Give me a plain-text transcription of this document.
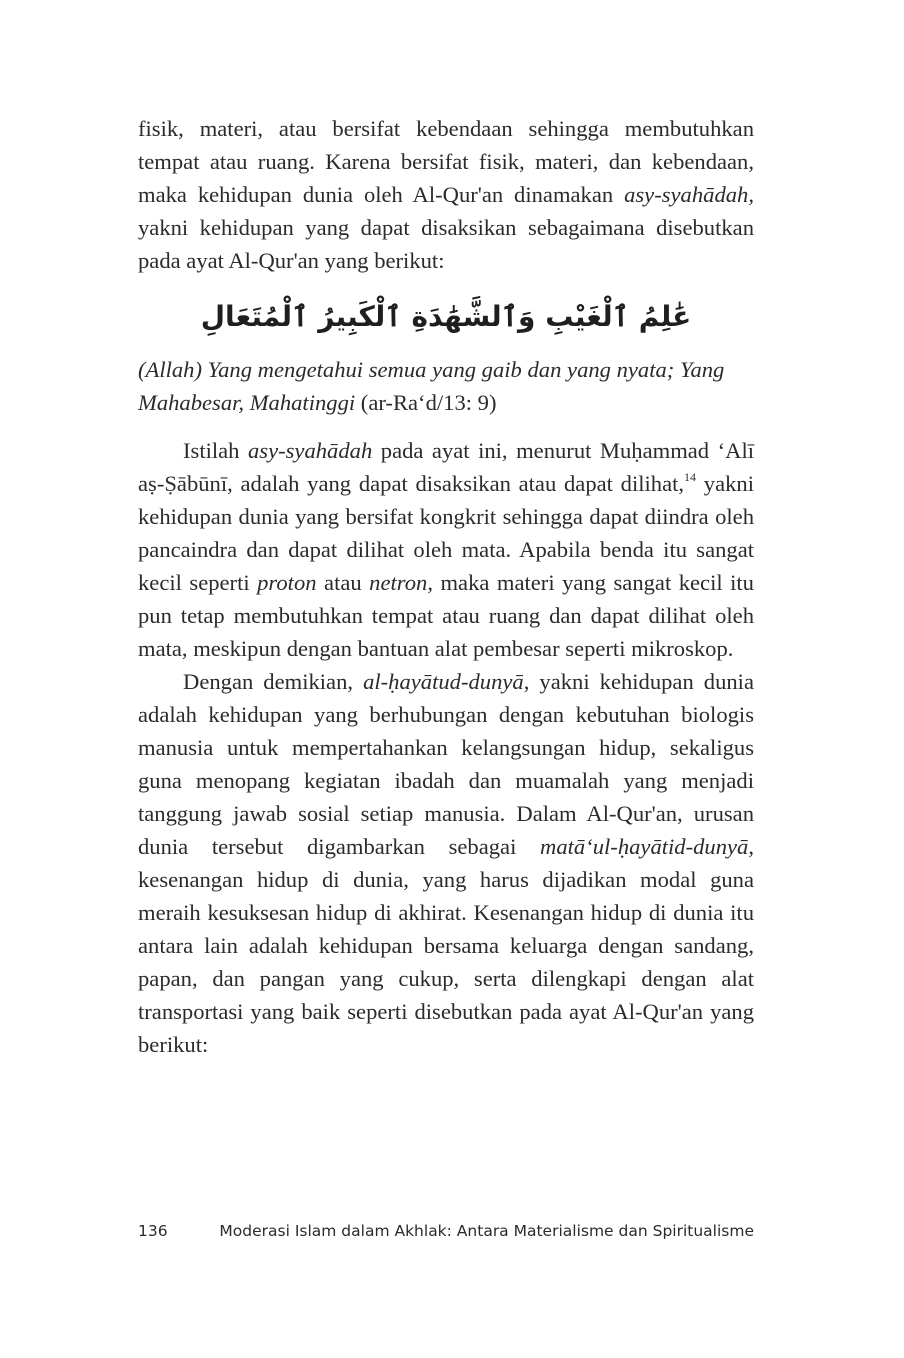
fisik, materi, atau bersifat kebendaan sehingga membutuhkan tempat atau ruang. Karena bersifat fisik, materi, dan kebendaan, maka kehidupan dunia oleh Al-Qur'an dinamakan asy-syahādah, yakni kehidupan yang dapat disaksikan sebagaimana disebutkan pada ayat Al-Qur'an yang berikut:

عَٰلِمُ ٱلْغَيْبِ وَٱلشَّهَٰدَةِ ٱلْكَبِيرُ ٱلْمُتَعَالِ

(Allah) Yang mengetahui semua yang gaib dan yang nyata; Yang Mahabesar, Mahatinggi (ar-Ra‘d/13: 9)

Istilah asy-syahādah pada ayat ini, menurut Muḥammad ‘Alī aṣ-Ṣābūnī, adalah yang dapat disaksikan atau dapat dilihat,$^{14}$ yakni kehidupan dunia yang bersifat kongkrit sehingga dapat diindra oleh pancaindra dan dapat dilihat oleh mata. Apabila benda itu sangat kecil seperti proton atau netron, maka materi yang sangat kecil itu pun tetap membutuhkan tempat atau ruang dan dapat dilihat oleh mata, meskipun dengan bantuan alat pembesar seperti mikroskop.

Dengan demikian, al-ḥayātud-dunyā, yakni kehidupan dunia adalah kehidupan yang berhubungan dengan kebutuhan biologis manusia untuk mempertahankan kelangsungan hidup, sekaligus guna menopang kegiatan ibadah dan muamalah yang menjadi tanggung jawab sosial setiap manusia. Dalam Al-Qur'an, urusan dunia tersebut digambarkan sebagai matā‘ul-ḥayātid-dunyā, kesenangan hidup di dunia, yang harus dijadikan modal guna meraih kesuksesan hidup di akhirat. Kesenangan hidup di dunia itu antara lain adalah kehidupan bersama keluarga dengan sandang, papan, dan pangan yang cukup, serta dilengkapi dengan alat transportasi yang baik seperti disebutkan pada ayat Al-Qur'an yang berikut:

136	Moderasi Islam dalam Akhlak: Antara Materialisme dan Spiritualisme
